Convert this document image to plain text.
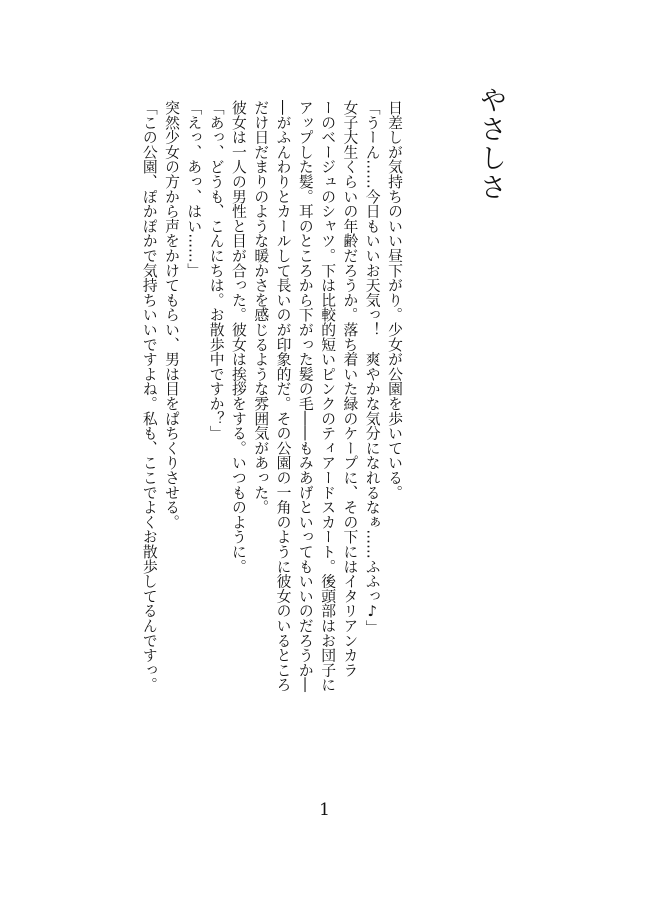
やさしさ
日差しが気持ちのいい昼下がり。少女が公園を歩いている。
「うーん……今日もいいお天気っ！　爽やかな気分になれるなぁ……ふふっ♪」
女子大生くらいの年齢だろうか。落ち着いた緑のケープに、その下にはイタリアンカラ
ーのベージュのシャツ。下は比較的短いピンクのティアードスカート。後頭部はお団子に
アップした髪。耳のところから下がった髪の毛――もみあげといってもいいのだろうか―
―がふんわりとカールして長いのが印象的だ。その公園の一角のように彼女のいるところ
だけ日だまりのような暖かさを感じるような雰囲気があった。
彼女は一人の男性と目が合った。彼女は挨拶をする。いつものように。
「あっ、どうも、こんにちは。お散歩中ですか？」
「えっ、あっ、はい……」
突然少女の方から声をかけてもらい、男は目をぱちくりさせる。
「この公園、ぽかぽかで気持ちいいですよね。私も、ここでよくお散歩してるんですっ。
1
